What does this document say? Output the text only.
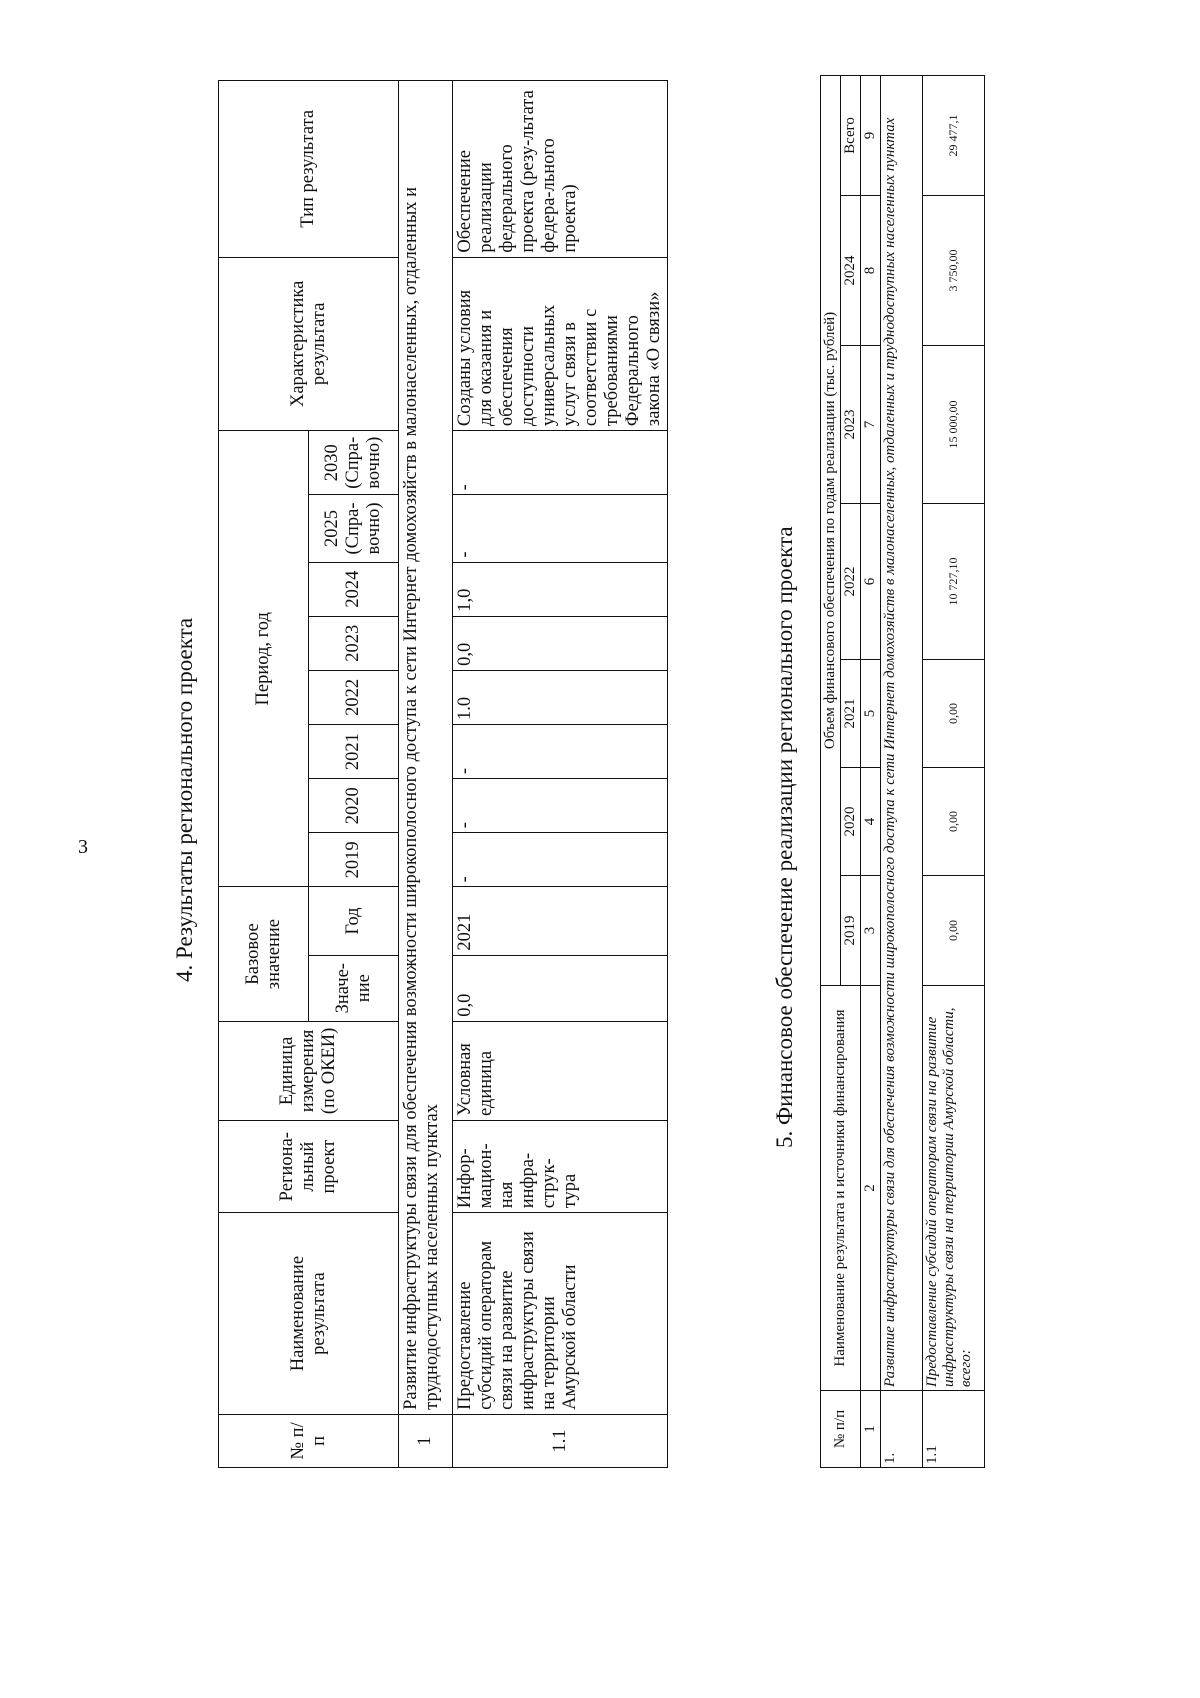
3	4. Результаты регионального проекта
№ п/п	Наименование результата	Региона-льный проект	Единица измерения (по ОКЕИ)	Базовое значение		Период, год								Характеристика результата	Тип результата
				Значе-ние	Год										
						2019	2020	2021	2022	2023	2024	2025 (Спра-вочно)	2030 (Спра-вочно)		
1	Развитие инфраструктуры связи для обеспечения возможности широкополосного доступа к сети Интернет домохозяйств в малонаселенных, отдаленных и труднодоступных населенных пунктах														
1.1	Предоставление субсидий операторам связи на развитие инфраструктуры связи на территории Амурской области	Инфор-мацион-ная инфра-струк-тура	Условная единица	0,0	2021	-	-	-	1.0	0,0	1,0	-	-	Созданы условия для оказания и обеспечения доступности универсальных услуг связи в соответствии с требованиями Федерального закона «О связи»	Обеспечение реализации федерального проекта (резу-льтата федера-льного проекта)
5. Финансовое обеспечение реализации регионального проекта
№ п/п	Наименование результата и источники финансирования	Объем финансового обеспечения по годам реализации (тыс. рублей)						
		2019	2020	2021	2022	2023	2024	Всего
1	2	3	4	5	6	7	8	9
1.	Развитие инфраструктуры связи для обеспечения возможности широкополосного доступа к сети Интернет домохозяйств в малонаселенных, отдаленных и труднодоступных населенных пунктах							
1.1	Предоставление субсидий операторам связи на развитие инфраструктуры связи на территории Амурской области, всего:	0,00	0,00	0,00	10 727,10	15 000,00	3 750,00	29 477,1
